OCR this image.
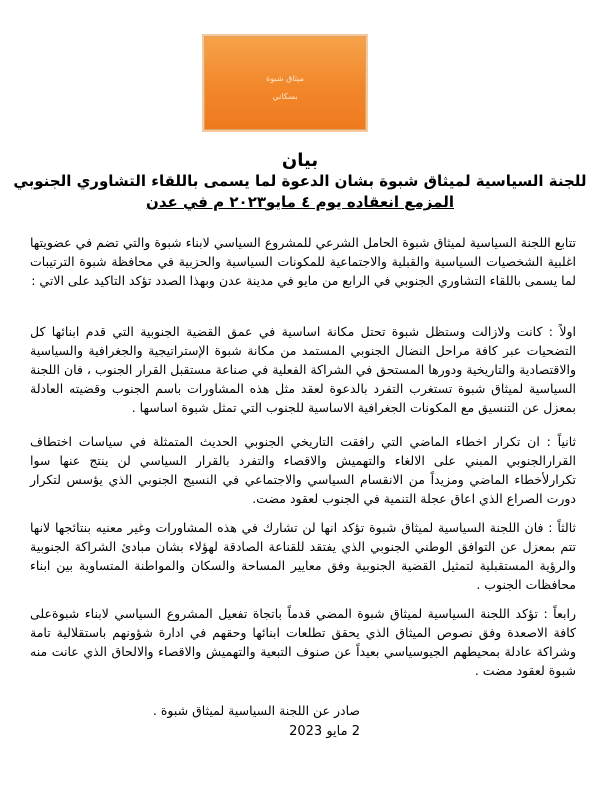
ميثاق شبوة
بسكاني
بيان
للجنة السياسية لميثاق شبوة بشان الدعوة لما يسمى باللقاء التشاوري الجنوبي
المزمع انعقاده يوم ٤ مايو٢٠٢٣ م في عدن

تتابع اللجنة السياسية لميثاق شبوة الحامل الشرعي للمشروع السياسي لابناء شبوة والتي تضم في عضويتها اغلبية الشخصيات السياسية والقبلية والاجتماعية للمكونات السياسية والحزبية في محافظة شبوة الترتيبات لما يسمى باللقاء التشاوري الجنوبي في الرابع من مايو في مدينة عدن وبهذا الصدد تؤكد التاكيد على الاتي :

اولاً : كانت ولازالت وستظل شبوة تحتل مكانة اساسية في عمق القضية الجنوبية التي قدم ابنائها كل التضحيات عبر كافة مراحل النضال الجنوبي المستمد من مكانة شبوة الإستراتيجية والجغرافية والسياسية والاقتصادية والتاريخية ودورها المستحق في الشراكة الفعلية في صناعة مستقبل القرار الجنوب ، فان اللجنة السياسية لميثاق شبوة تستغرب التفرد بالدعوة لعقد مثل هذه المشاورات باسم الجنوب وقضيته العادلة بمعزل عن التنسيق مع المكونات الجغرافية الاساسية للجنوب التي تمثل شبوة اساسها .

ثانياً : ان تكرار اخطاء الماضي التي رافقت التاريخي الجنوبي الحديث المتمثلة في سياسات اختطاف القرارالجنوبي المبني على الالغاء والتهميش والاقصاء والتفرد بالقرار السياسي لن ينتج عنها سوا تكرارلأخطاء الماضي ومزيداً من الانقسام السياسي والاجتماعي في النسيج الجنوبي الذي يؤسس لتكرار دورت الصراع الذي اعاق عجلة التنمية في الجنوب لعقود مضت.

ثالثاً : فان اللجنة السياسية لميثاق شبوة تؤكد انها لن تشارك في هذه المشاورات وغير معنيه بنتائجها لانها تتم بمعزل عن التوافق الوطني الجنوبي الذي يفتقد للقناعة الصادقة لهؤلاء بشان مبادئ الشراكة الجنوبية والرؤية المستقبلية لتمثيل القضية الجنوبية وفق معايير المساحة والسكان والمواطنة المتساوية بين ابناء محافظات الجنوب .

رابعاً : تؤكد اللجنة السياسية لميثاق شبوة المضي قدماً باتجاة تفعيل المشروع السياسي لابناء شبوةعلى كافة الاصعدة وفق نصوص الميثاق الذي يحقق تطلعات ابنائها وحقهم في ادارة شؤونهم باستقلالية تامة وشراكة عادلة بمحيطهم الجيوسياسي بعيداً عن صنوف التبعية والتهميش والاقصاء والالحاق الذي عانت منه شبوة لعقود مضت .

صادر عن اللجنة السياسية لميثاق شبوة .
2 مايو 2023
